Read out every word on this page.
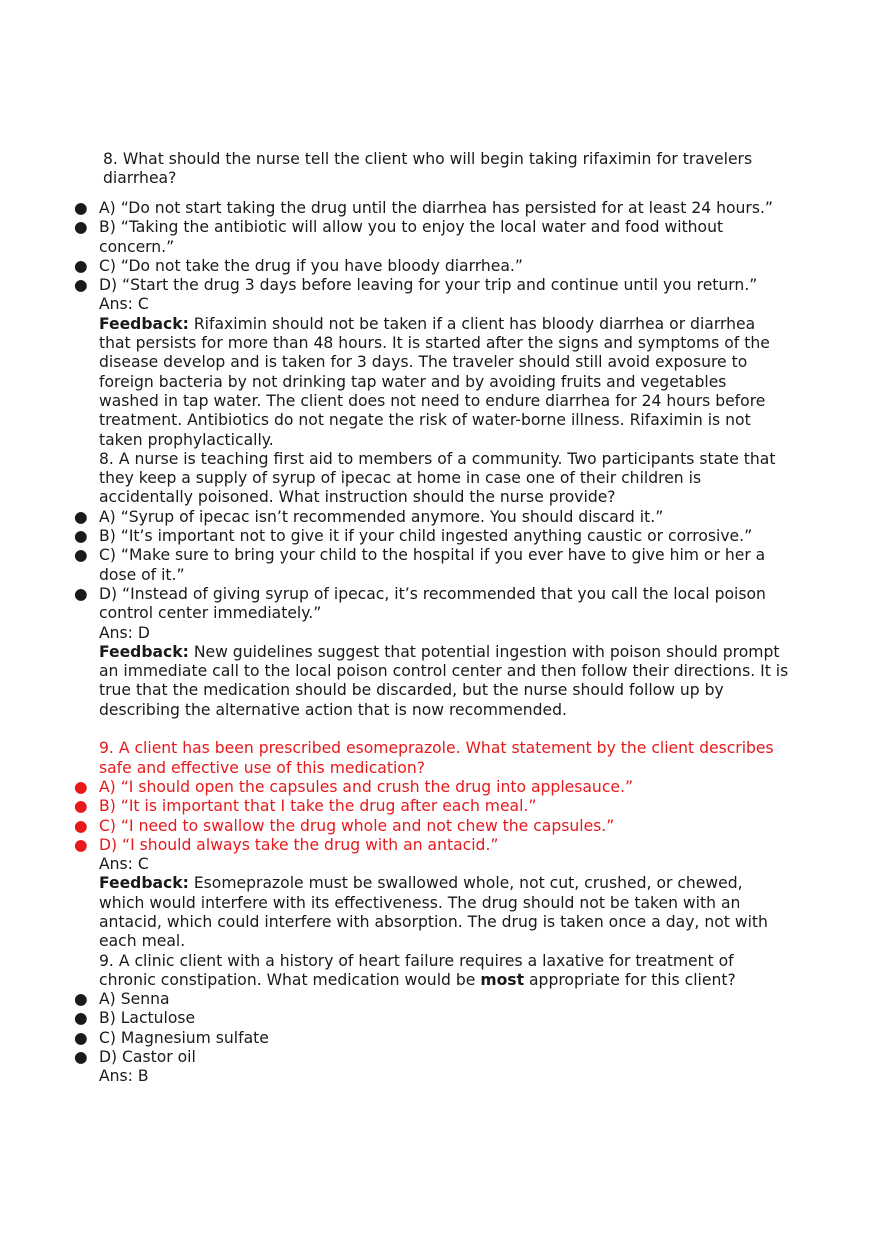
8. What should the nurse tell the client who will begin taking rifaximin for travelers diarrhea?

● A) “Do not start taking the drug until the diarrhea has persisted for at least 24 hours.”
● B) “Taking the antibiotic will allow you to enjoy the local water and food without concern.”
● C) “Do not take the drug if you have bloody diarrhea.”
● D) “Start the drug 3 days before leaving for your trip and continue until you return.”

Ans: C

Feedback: Rifaximin should not be taken if a client has bloody diarrhea or diarrhea that persists for more than 48 hours. It is started after the signs and symptoms of the disease develop and is taken for 3 days. The traveler should still avoid exposure to foreign bacteria by not drinking tap water and by avoiding fruits and vegetables washed in tap water. The client does not need to endure diarrhea for 24 hours before treatment. Antibiotics do not negate the risk of water-borne illness. Rifaximin is not taken prophylactically.

8. A nurse is teaching first aid to members of a community. Two participants state that they keep a supply of syrup of ipecac at home in case one of their children is accidentally poisoned. What instruction should the nurse provide?

● A) “Syrup of ipecac isn’t recommended anymore. You should discard it.”
● B) “It’s important not to give it if your child ingested anything caustic or corrosive.”
● C) “Make sure to bring your child to the hospital if you ever have to give him or her a dose of it.”
● D) “Instead of giving syrup of ipecac, it’s recommended that you call the local poison control center immediately.”

Ans: D

Feedback: New guidelines suggest that potential ingestion with poison should prompt an immediate call to the local poison control center and then follow their directions. It is true that the medication should be discarded, but the nurse should follow up by describing the alternative action that is now recommended.

9. A client has been prescribed esomeprazole. What statement by the client describes safe and effective use of this medication?

● A) “I should open the capsules and crush the drug into applesauce.”
● B) “It is important that I take the drug after each meal.”
● C) “I need to swallow the drug whole and not chew the capsules.”
● D) “I should always take the drug with an antacid.”

Ans: C

Feedback: Esomeprazole must be swallowed whole, not cut, crushed, or chewed, which would interfere with its effectiveness. The drug should not be taken with an antacid, which could interfere with absorption. The drug is taken once a day, not with each meal.

9. A clinic client with a history of heart failure requires a laxative for treatment of chronic constipation. What medication would be most appropriate for this client?

● A) Senna
● B) Lactulose
● C) Magnesium sulfate
● D) Castor oil

Ans: B
